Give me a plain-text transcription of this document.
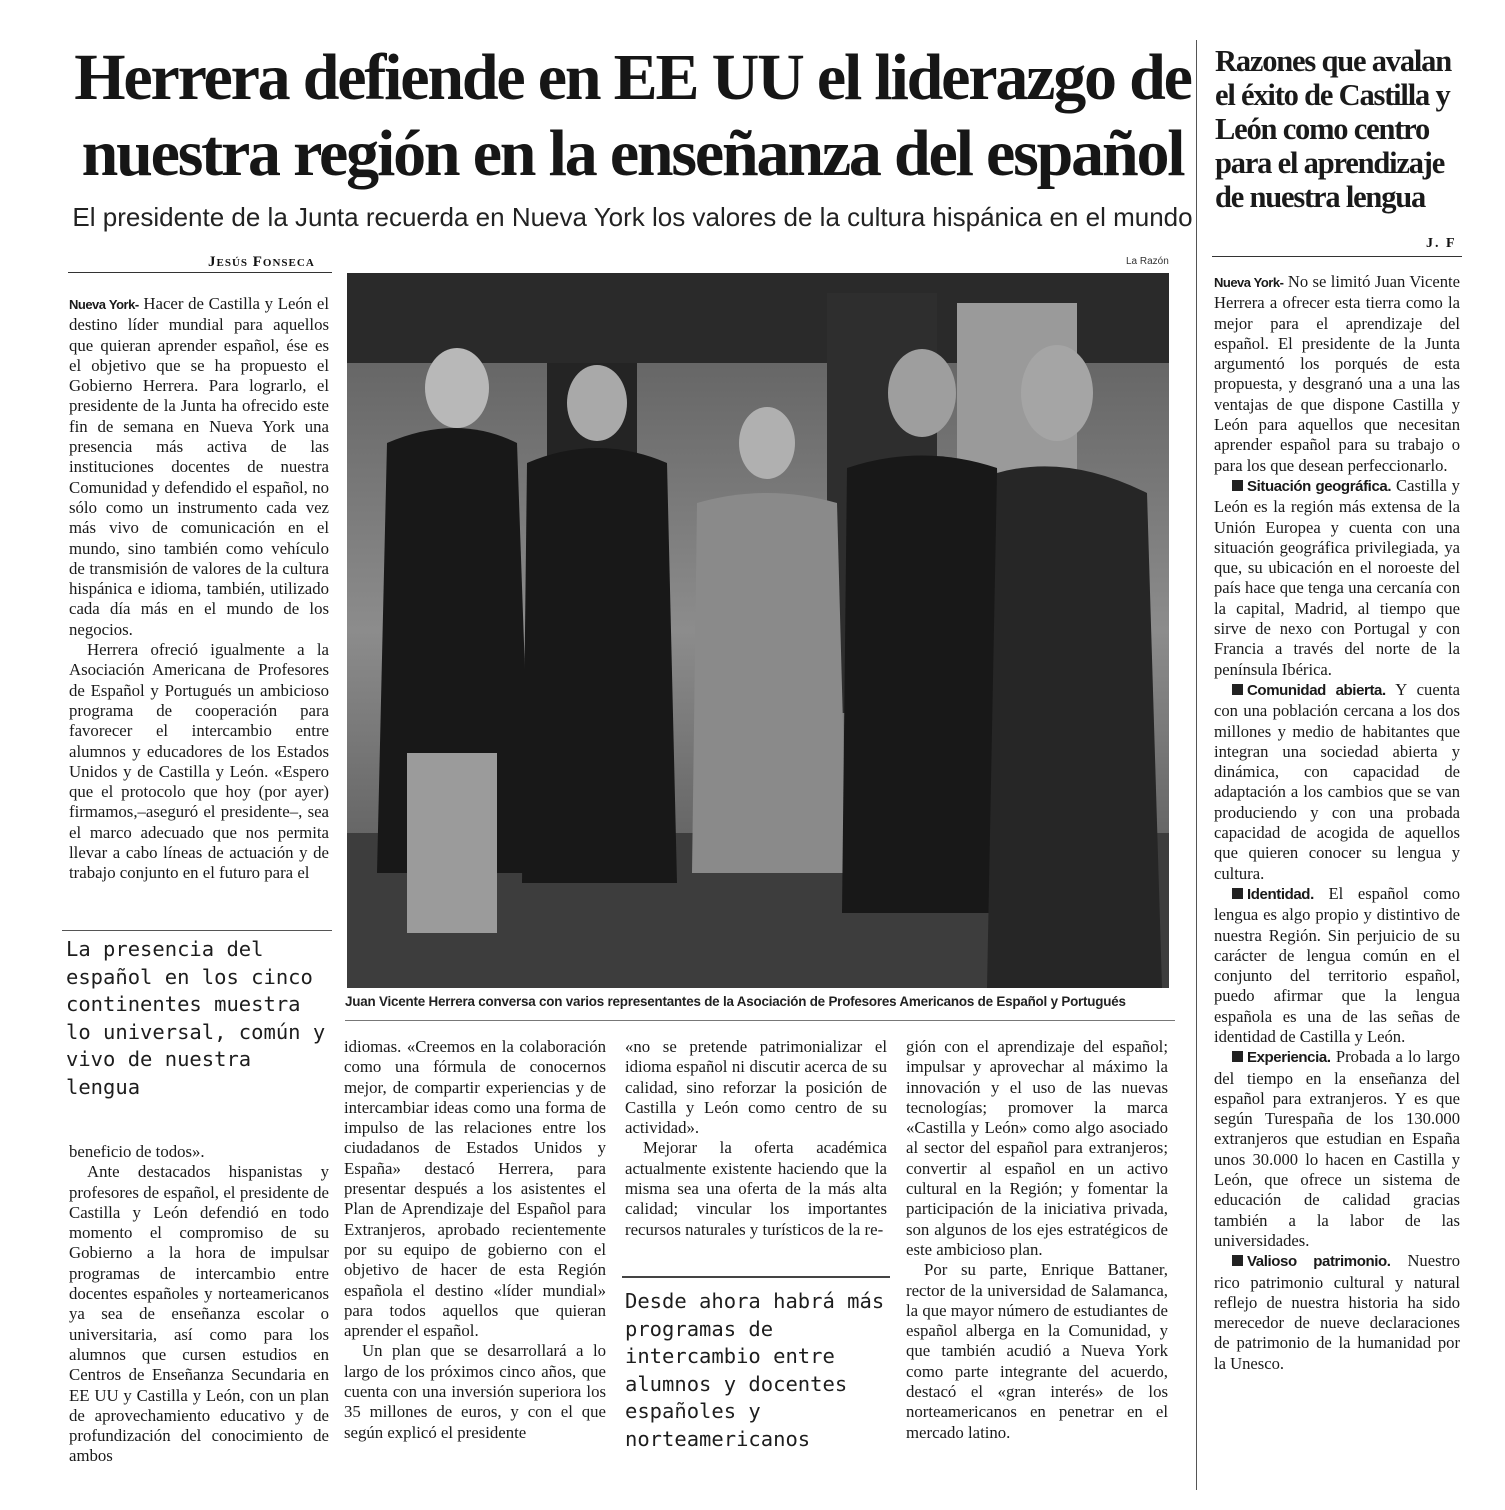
Herrera defiende en EE UU el liderazgo de nuestra región en la enseñanza del español
El presidente de la Junta recuerda en Nueva York los valores de la cultura hispánica en el mundo
Jesús Fonseca	La Razón
Juan Vicente Herrera conversa con varios representantes de la Asociación de Profesores Americanos de Español y Portugués

Nueva York- Hacer de Castilla y León el destino líder mundial para aquellos que quieran aprender español, ése es el objetivo que se ha propuesto el Gobierno Herrera. Para lograrlo, el presidente de la Junta ha ofrecido este fin de semana en Nueva York una presencia más activa de las instituciones docentes de nuestra Comunidad y defendido el español, no sólo como un instrumento cada vez más vivo de comunicación en el mundo, sino también como vehículo de transmisión de valores de la cultura hispánica e idioma, también, utilizado cada día más en el mundo de los negocios.

Herrera ofreció igualmente a la Asociación Americana de Profesores de Español y Portugués un ambicioso programa de cooperación para favorecer el intercambio entre alumnos y educadores de los Estados Unidos y de Castilla y León. «Espero que el protocolo que hoy (por ayer) firmamos,–aseguró el presidente–, sea el marco adecuado que nos permita llevar a cabo líneas de actuación y de trabajo conjunto en el futuro para el

La presencia del español en los cinco continentes muestra lo universal, común y vivo de nuestra lengua

beneficio de todos».

Ante destacados hispanistas y profesores de español, el presidente de Castilla y León defendió en todo momento el compromiso de su Gobierno a la hora de impulsar programas de intercambio entre docentes españoles y norteamericanos ya sea de enseñanza escolar o universitaria, así como para los alumnos que cursen estudios en Centros de Enseñanza Secundaria en EE UU y Castilla y León, con un plan de aprovechamiento educativo y de profundización del conocimiento de ambos

idiomas. «Creemos en la colaboración como una fórmula de conocernos mejor, de compartir experiencias y de intercambiar ideas como una forma de impulso de las relaciones entre los ciudadanos de Estados Unidos y España» destacó Herrera, para presentar después a los asistentes el Plan de Aprendizaje del Español para Extranjeros, aprobado recientemente por su equipo de gobierno con el objetivo de hacer de esta Región española el destino «líder mundial» para todos aquellos que quieran aprender el español.

Un plan que se desarrollará a lo largo de los próximos cinco años, que cuenta con una inversión superiora los 35 millones de euros, y con el que según explicó el presidente

«no se pretende patrimonializar el idioma español ni discutir acerca de su calidad, sino reforzar la posición de Castilla y León como centro de su actividad».

Mejorar la oferta académica actualmente existente haciendo que la misma sea una oferta de la más alta calidad; vincular los importantes recursos naturales y turísticos de la re-

Desde ahora habrá más programas de intercambio entre alumnos y docentes españoles y norteamericanos

gión con el aprendizaje del español; impulsar y aprovechar al máximo la innovación y el uso de las nuevas tecnologías; promover la marca «Castilla y León» como algo asociado al sector del español para extranjeros; convertir al español en un activo cultural en la Región; y fomentar la participación de la iniciativa privada, son algunos de los ejes estratégicos de este ambicioso plan.

Por su parte, Enrique Battaner, rector de la universidad de Salamanca, la que mayor número de estudiantes de español alberga en la Comunidad, y que también acudió a Nueva York como parte integrante del acuerdo, destacó el «gran interés» de los norteamericanos en penetrar en el mercado latino.

Razones que avalan el éxito de Castilla y León como centro para el aprendizaje de nuestra lengua
J. F

Nueva York- No se limitó Juan Vicente Herrera a ofrecer esta tierra como la mejor para el aprendizaje del español. El presidente de la Junta argumentó los porqués de esta propuesta, y desgranó una a una las ventajas de que dispone Castilla y León para aquellos que necesitan aprender español para su trabajo o para los que desean perfeccionarlo.

Situación geográfica. Castilla y León es la región más extensa de la Unión Europea y cuenta con una situación geográfica privilegiada, ya que, su ubicación en el noroeste del país hace que tenga una cercanía con la capital, Madrid, al tiempo que sirve de nexo con Portugal y con Francia a través del norte de la península Ibérica.

Comunidad abierta. Y cuenta con una población cercana a los dos millones y medio de habitantes que integran una sociedad abierta y dinámica, con capacidad de adaptación a los cambios que se van produciendo y con una probada capacidad de acogida de aquellos que quieren conocer su lengua y cultura.

Identidad. El español como lengua es algo propio y distintivo de nuestra Región. Sin perjuicio de su carácter de lengua común en el conjunto del territorio español, puedo afirmar que la lengua española es una de las señas de identidad de Castilla y León.

Experiencia. Probada a lo largo del tiempo en la enseñanza del español para extranjeros. Y es que según Turespaña de los 130.000 extranjeros que estudian en España unos 30.000 lo hacen en Castilla y León, que ofrece un sistema de educación de calidad gracias también a la labor de las universidades.

Valioso patrimonio. Nuestro rico patrimonio cultural y natural reflejo de nuestra historia ha sido merecedor de nueve declaraciones de patrimonio de la humanidad por la Unesco.
